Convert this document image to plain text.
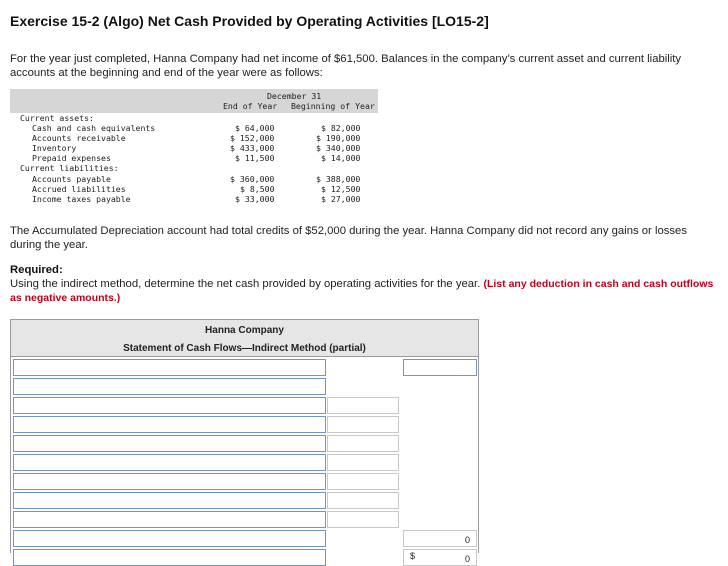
Exercise 15-2 (Algo) Net Cash Provided by Operating Activities [LO15-2]
For the year just completed, Hanna Company had net income of $61,500. Balances in the company’s current asset and current liability accounts at the beginning and end of the year were as follows:
December 31
End of Year Beginning of Year
Current assets:
Cash and cash equivalents	$ 64,000	$ 82,000
Accounts receivable	$ 152,000	$ 190,000
Inventory	$ 433,000	$ 340,000
Prepaid expenses	$ 11,500	$ 14,000
Current liabilities:
Accounts payable	$ 360,000	$ 388,000
Accrued liabilities	$ 8,500	$ 12,500
Income taxes payable	$ 33,000	$ 27,000
The Accumulated Depreciation account had total credits of $52,000 during the year. Hanna Company did not record any gains or losses during the year.
Required:
Using the indirect method, determine the net cash provided by operating activities for the year. (List any deduction in cash and cash outflows as negative amounts.)
Hanna Company
Statement of Cash Flows—Indirect Method (partial)
0
0
$
